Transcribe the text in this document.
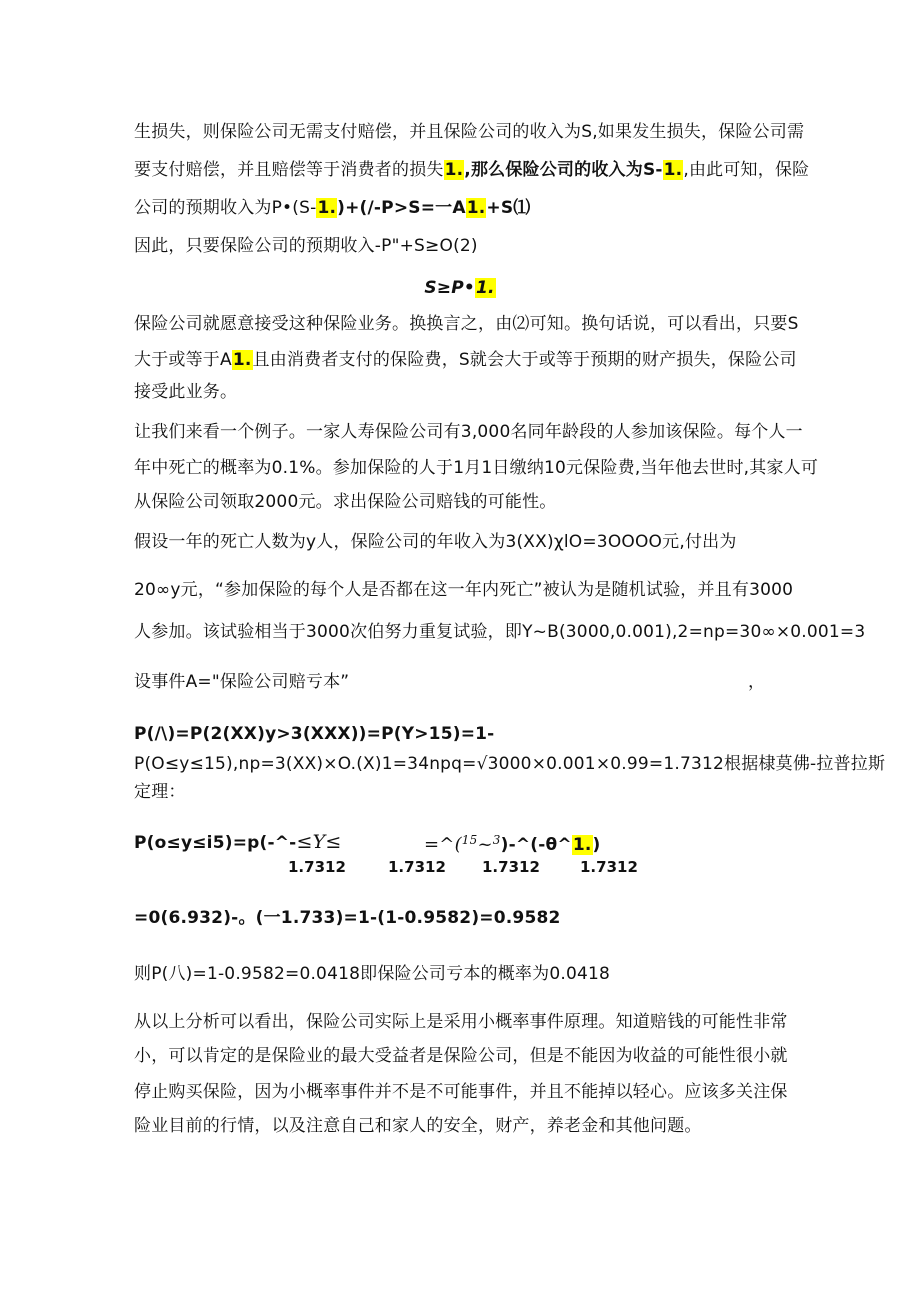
生损失，则保险公司无需支付赔偿，并且保险公司的收入为S,如果发生损失，保险公司需
要支付赔偿，并且赔偿等于消费者的损失1.,那么保险公司的收入为S-1.,由此可知，保险
公司的预期收入为P•(S-1.)+(/-P>S=一A1.+S⑴
因此，只要保险公司的预期收入-P"+S≥O(2)
S≥P•1.
保险公司就愿意接受这种保险业务。换换言之，由⑵可知。换句话说，可以看出，只要S
大于或等于A1.且由消费者支付的保险费，S就会大于或等于预期的财产损失，保险公司
接受此业务。
让我们来看一个例子。一家人寿保险公司有3,000名同年龄段的人参加该保险。每个人一
年中死亡的概率为0.1%。参加保险的人于1月1日缴纳10元保险费,当年他去世时,其家人可
从保险公司领取2000元。求出保险公司赔钱的可能性。
假设一年的死亡人数为y人，保险公司的年收入为3(XX)χlO=3OOOO元,付出为
20∞y元，“参加保险的每个人是否都在这一年内死亡”被认为是随机试验，并且有3000
人参加。该试验相当于3000次伯努力重复试验，即Y~B(3000,0.001),2=np=30∞×0.001=3
设事件A="保险公司赔亏本”	，
P(/\)=P(2(XX)y>3(XXX))=P(Y>15)=1-
P(O≤y≤15),np=3(XX)×O.(X)1=34npq=√3000×0.001×0.99=1.7312根据棣莫佛-拉普拉斯
定理：
P(o≤y≤i5)=p(-^-≤Y≤	=^($^{15}$~$^3$)-^(-θ^1.)
1.7312	1.7312 1.7312	1.7312
=0(6.932)-。(一1.733)=1-(1-0.9582)=0.9582
则P(八)=1-0.9582=0.0418即保险公司亏本的概率为0.0418
从以上分析可以看出，保险公司实际上是采用小概率事件原理。知道赔钱的可能性非常
小，可以肯定的是保险业的最大受益者是保险公司，但是不能因为收益的可能性很小就
停止购买保险，因为小概率事件并不是不可能事件，并且不能掉以轻心。应该多关注保
险业目前的行情，以及注意自己和家人的安全，财产，养老金和其他问题。
